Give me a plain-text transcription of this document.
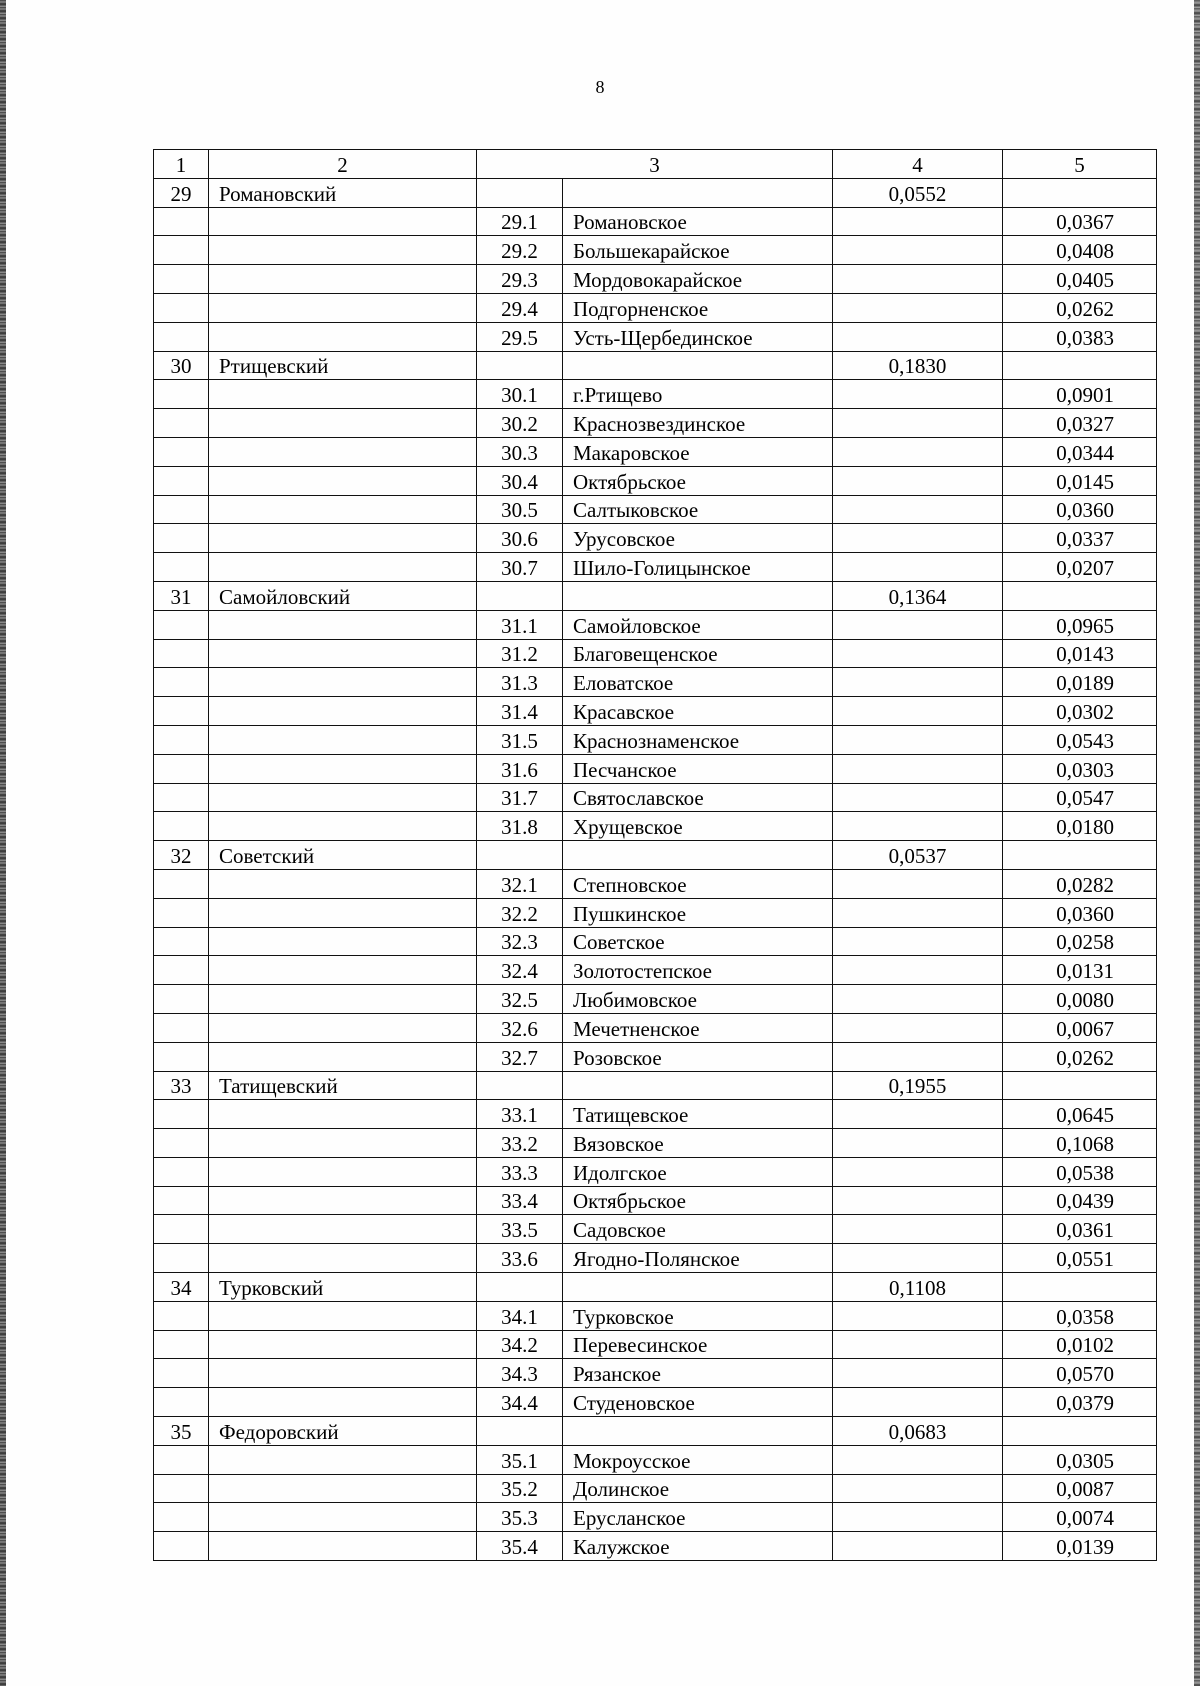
8
1	2	3		4	5
29	Романовский			0,0552	
		29.1	Романовское		0,0367
		29.2	Большекарайское		0,0408
		29.3	Мордовокарайское		0,0405
		29.4	Подгорненское		0,0262
		29.5	Усть-Щербединское		0,0383
30	Ртищевский			0,1830	
		30.1	г.Ртищево		0,0901
		30.2	Краснозвездинское		0,0327
		30.3	Макаровское		0,0344
		30.4	Октябрьское		0,0145
		30.5	Салтыковское		0,0360
		30.6	Урусовское		0,0337
		30.7	Шило-Голицынское		0,0207
31	Самойловский			0,1364	
		31.1	Самойловское		0,0965
		31.2	Благовещенское		0,0143
		31.3	Еловатское		0,0189
		31.4	Красавское		0,0302
		31.5	Краснознаменское		0,0543
		31.6	Песчанское		0,0303
		31.7	Святославское		0,0547
		31.8	Хрущевское		0,0180
32	Советский			0,0537	
		32.1	Степновское		0,0282
		32.2	Пушкинское		0,0360
		32.3	Советское		0,0258
		32.4	Золотостепское		0,0131
		32.5	Любимовское		0,0080
		32.6	Мечетненское		0,0067
		32.7	Розовское		0,0262
33	Татищевский			0,1955	
		33.1	Татищевское		0,0645
		33.2	Вязовское		0,1068
		33.3	Идолгское		0,0538
		33.4	Октябрьское		0,0439
		33.5	Садовское		0,0361
		33.6	Ягодно-Полянское		0,0551
34	Турковский			0,1108	
		34.1	Турковское		0,0358
		34.2	Перевесинское		0,0102
		34.3	Рязанское		0,0570
		34.4	Студеновское		0,0379
35	Федоровский			0,0683	
		35.1	Мокроусское		0,0305
		35.2	Долинское		0,0087
		35.3	Ерусланское		0,0074
		35.4	Калужское		0,0139
